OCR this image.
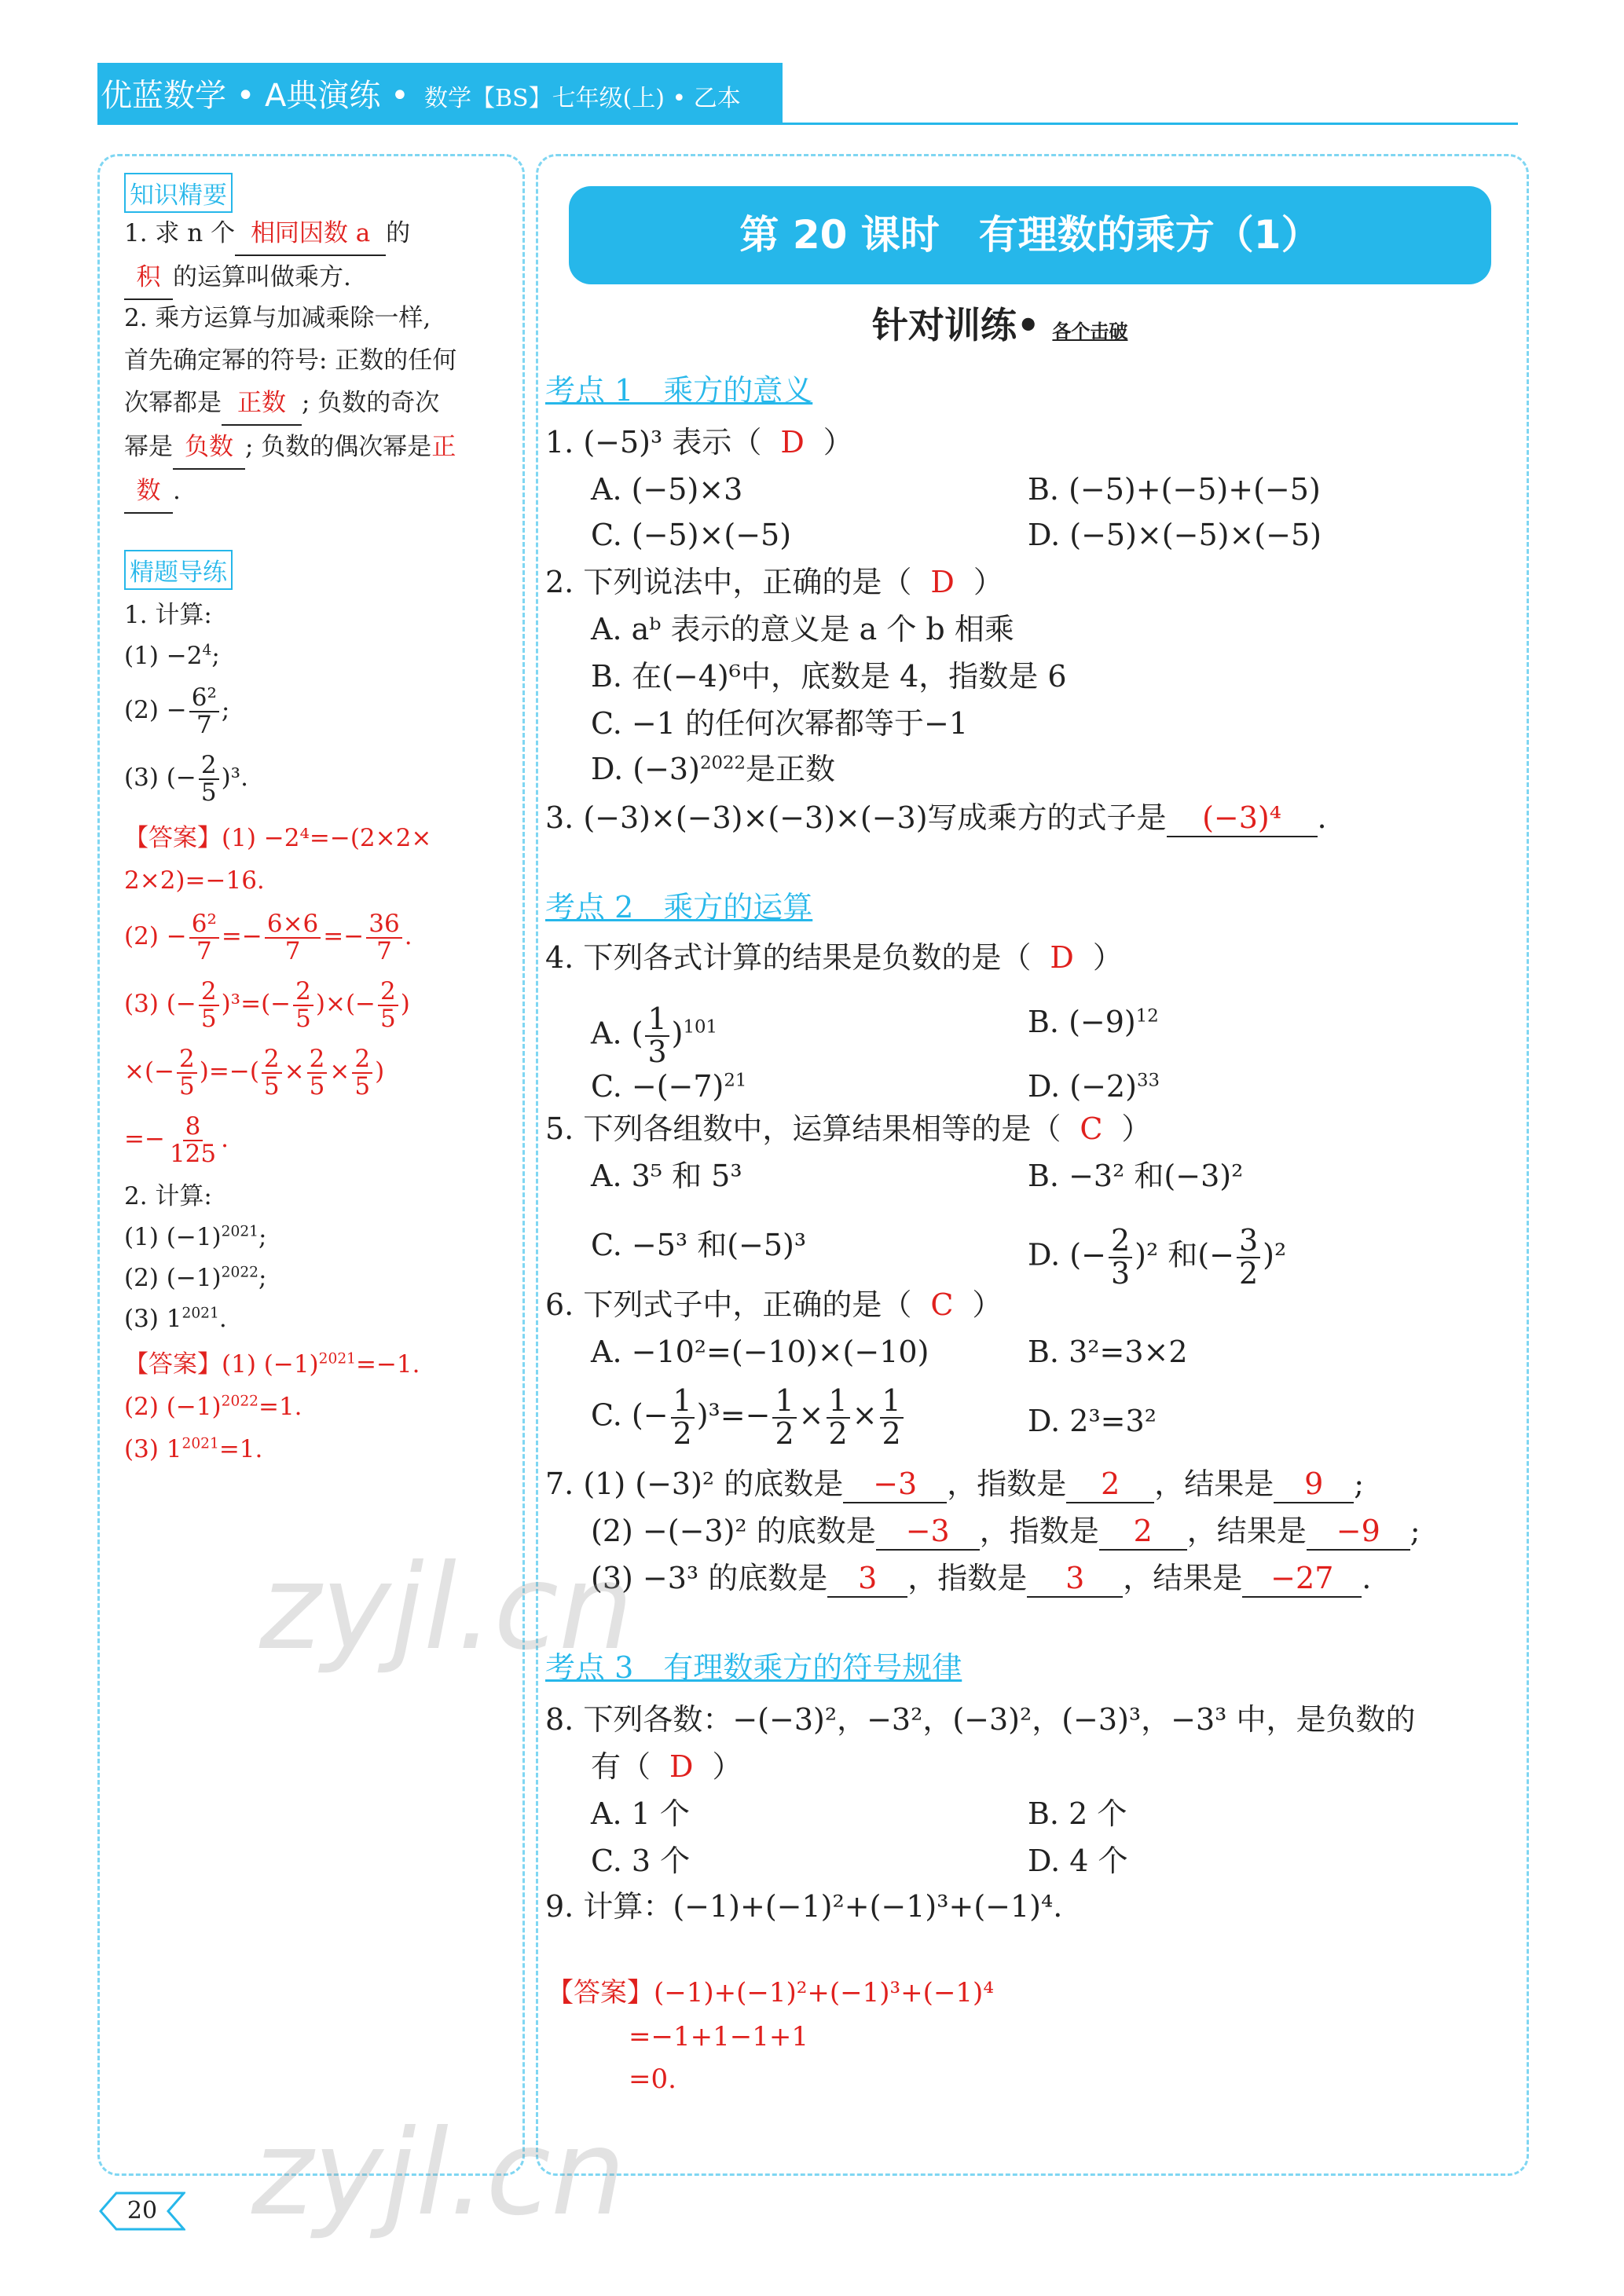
优蓝数学 • A典演练 • 数学【BS】七年级(上) • 乙本
知识精要
1. 求 n 个 相同因数 a 的
积 的运算叫做乘方.
2. 乘方运算与加减乘除一样,
首先确定幂的符号: 正数的任何
次幂都是 正数 ; 负数的奇次
幂是 负数 ; 负数的偶次幂是正
数 .
精题导练
1. 计算:
$(1) -2^4$;
$(2) - \frac{\text{6²}}{7}$ ;
(3) (− $\frac{2}{5} )^3$.
【答案】(1) −2⁴=−(2×2×
2×2)=−16.
$(2) - \frac{\text{6²}}{7} =- \frac{6\times 6}{7} =- \frac{36}{7}$ .
(3) (− $\frac{2}{5} )^3=(- \frac{2}{5}$ )×(− $\frac{2}{5}$ )
×(− $\frac{2}{5}$ )=−( $\frac{2}{5} \times \frac{2}{5} \times \frac{2}{5}$ )
=− $\frac{8}{125}$ .
2. 计算:
(1) $(-1)^{2021}$;
(2) $(-1)^{2022}$;
(3) $1^{2021}$.
【答案】(1) $(-1)^{2021}=-1$.
(2) $(-1)^{2022}=1$.
(3) $1^{2021}=1$.
第 20 课时　有理数的乘方（1）
针对训练• 各个击破
考点 1　乘方的意义
1. (−5)³ 表示（ D ）
A. (−5)×3	B. (−5)+(−5)+(−5)
C. (−5)×(−5)	D. (−5)×(−5)×(−5)
2. 下列说法中，正确的是（ D ）
A. aᵇ 表示的意义是 a 个 b 相乘
B. 在(−4)⁶中，底数是 4，指数是 6
C. −1 的任何次幂都等于−1
D. $(-3)^{2022}$是正数
3. (−3)×(−3)×(−3)×(−3)写成乘方的式子是 (−3)⁴ .
考点 2　乘方的运算
4. 下列各式计算的结果是负数的是（ D ）
A. ( $\frac{1}{3} )^{101}$	B. $(-9)^{12}$
C. $-(-7)^{21}$	D. $(-2)^{33}$
5. 下列各组数中，运算结果相等的是（ C ）
A. 3⁵ 和 5³	B. −3² 和(−3)²
C. −5³ 和(−5)³	D. (− $\frac{2}{3} )^2$ 和(− $\frac{3}{2} )^2$
6. 下列式子中，正确的是（ C ）
A. −10²=(−10)×(−10)	B. 3²=3×2
C. (− $\frac{1}{2} )^3=- \frac{1}{2} \times \frac{1}{2} \times \frac{1}{2}$	D. 2³=3²
7. (1) (−3)² 的底数是 −3 ，指数是 2 ，结果是 9 ;
(2) −(−3)² 的底数是 −3 ，指数是 2 ，结果是 −9 ;
(3) −3³ 的底数是 3 ，指数是 3 ，结果是 −27 .
考点 3　有理数乘方的符号规律
8. 下列各数：−(−3)²，−3²，(−3)²，(−3)³，−3³ 中，是负数的
有（ D ）
A. 1 个	B. 2 个
C. 3 个	D. 4 个
9. 计算：(−1)+(−1)²+(−1)³+(−1)⁴.
【答案】(−1)+(−1)²+(−1)³+(−1)⁴
=−1+1−1+1
=0.
20
zyjl.cn
zyjl.cn
